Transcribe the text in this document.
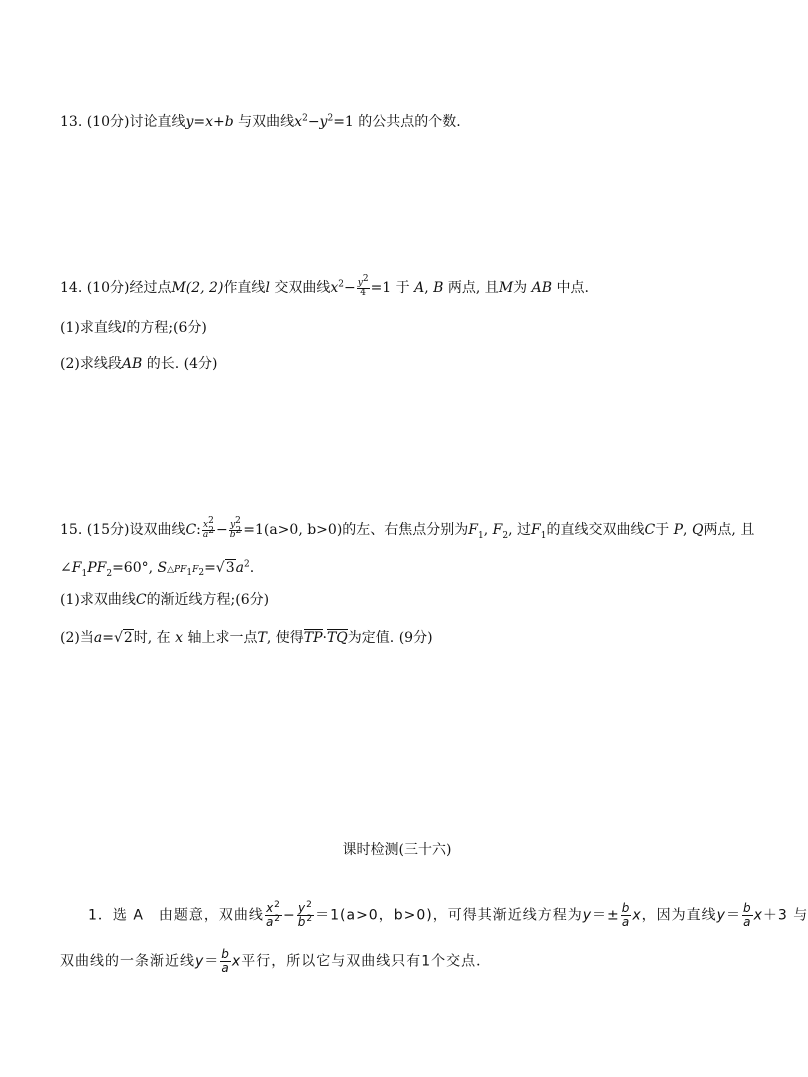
13. (10分)讨论直线y=x+b 与双曲线$x^2-y^2=1$ 的公共点的个数.
14. (10分)经过点M(2, 2)作直线l 交双曲线$x^2- \frac{y^2}{4} =1$ 于 A, B 两点, 且M为 AB 中点.
(1)求直线l的方程;(6分)
(2)求线段AB 的长. (4分)
15. (15分)设双曲线C: $\frac{x^2}{a^2} - \frac{y^2}{b^2} =1(a>0$, b>0)的左、右焦点分别为$F_1$, $F_2$, 过$F_1$的直线交双曲线C于 P, Q两点, 且
$\angle F_1PF_2=60^\circ$, $S\triangle PF_1F_2=√3a^2$.
(1)求双曲线C的渐近线方程;(6分)
(2)当a=√2时, 在 x 轴上求一点T, 使得TP·TQ为定值. (9分)
课时检测(三十六)
1．选 A　由题意，双曲线 $\frac{x^2}{a^2} - \frac{y^2}{b^2} =1(a>0$，b>0)，可得其渐近线方程为$y=\pm \frac{b}{a}$ x，因为直线$y= \frac{b}{a} x+3$ 与
双曲线的一条渐近线$y= \frac{b}{a}$ x平行，所以它与双曲线只有1个交点．
